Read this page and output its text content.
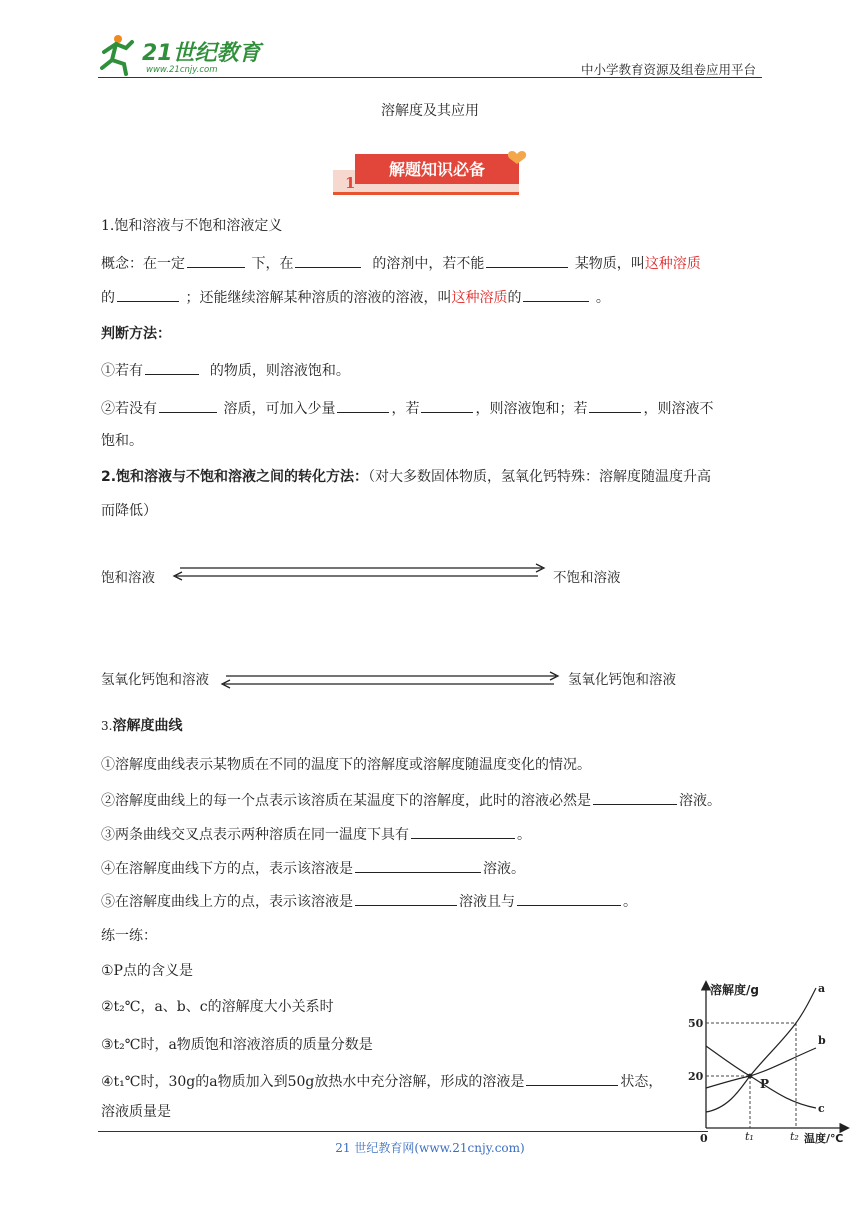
21世纪教育
www.21cnjy.com	中小学教育资源及组卷应用平台
溶解度及其应用
1
解题知识必备
1.饱和溶液与不饱和溶液定义
概念：在一定	下，在	的溶剂中，若不能	某物质，叫这种溶质
的	；还能继续溶解某种溶质的溶液的溶液，叫这种溶质的	。
判断方法：
①若有	的物质，则溶液饱和。
②若没有	溶质，可加入少量	，若	，则溶液饱和；若	，则溶液不
饱和。
2.饱和溶液与不饱和溶液之间的转化方法：（对大多数固体物质，氢氧化钙特殊：溶解度随温度升高
而降低）
饱和溶液	不饱和溶液
氢氧化钙饱和溶液	氢氧化钙饱和溶液
3.溶解度曲线
①溶解度曲线表示某物质在不同的温度下的溶解度或溶解度随温度变化的情况。
②溶解度曲线上的每一个点表示该溶质在某温度下的溶解度，此时的溶液必然是	溶液。
③两条曲线交叉点表示两种溶质在同一温度下具有	。
④在溶解度曲线下方的点，表示该溶液是	溶液。
⑤在溶解度曲线上方的点，表示该溶液是	溶液且与	。
练一练：
①P点的含义是
②t₂℃，a、b、c的溶解度大小关系时
③t₂℃时，a物质饱和溶液溶质的质量分数是
④t₁℃时，30g的a物质加入到50g放热水中充分溶解，形成的溶液是	状态，
溶液质量是
溶解度/g
温度/℃
0
50
20
t₁	t₂
P
a
b
c
21 世纪教育网(www.21cnjy.com)
